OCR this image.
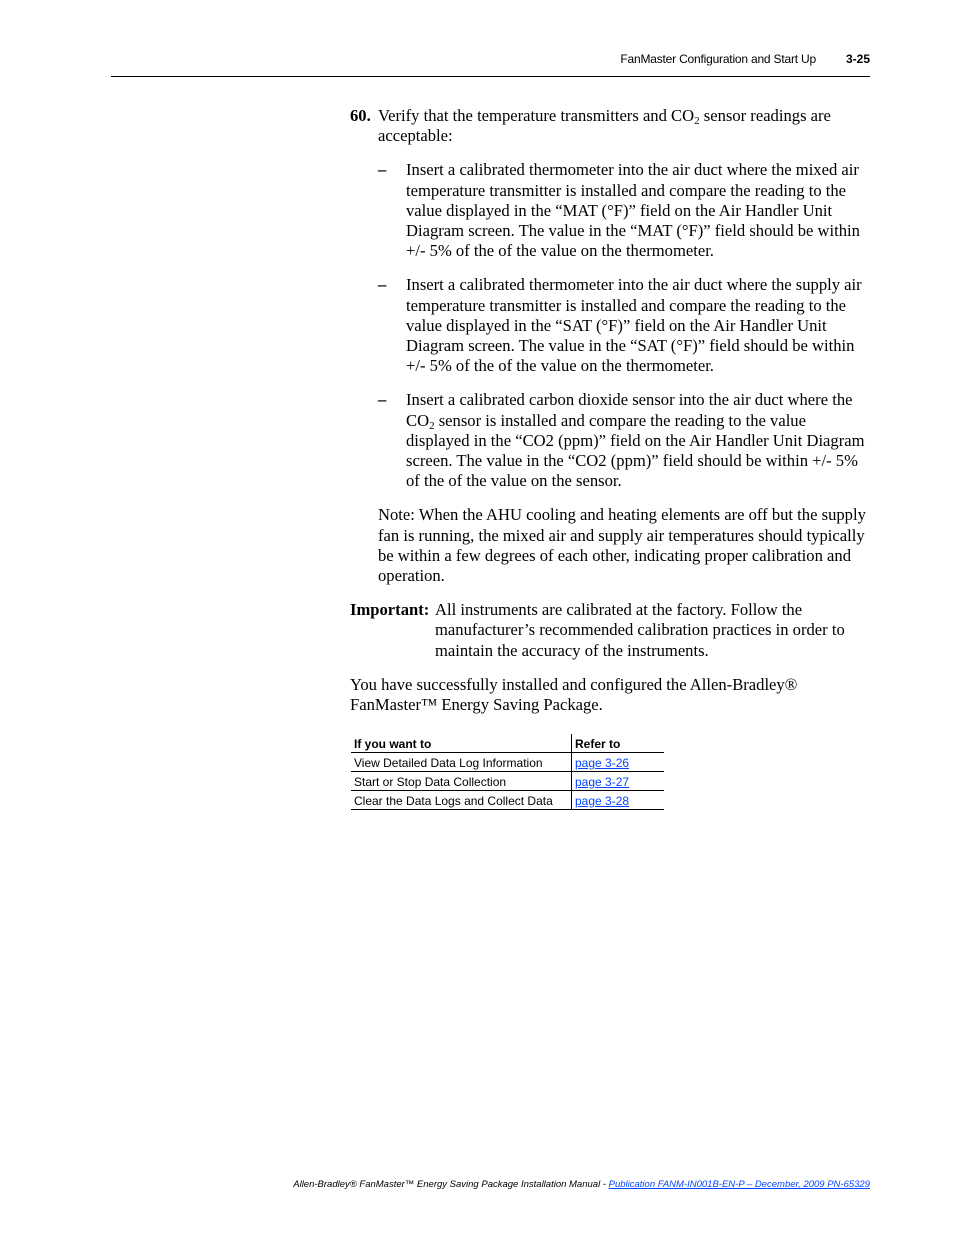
FanMaster Configuration and Start Up	3-25
60. Verify that the temperature transmitters and $CO_2$ sensor readings are acceptable:
– Insert a calibrated thermometer into the air duct where the mixed air temperature transmitter is installed and compare the reading to the value displayed in the “MAT (°F)” field on the Air Handler Unit Diagram screen. The value in the “MAT (°F)” field should be within +/- 5% of the of the value on the thermometer.
– Insert a calibrated thermometer into the air duct where the supply air temperature transmitter is installed and compare the reading to the value displayed in the “SAT (°F)” field on the Air Handler Unit Diagram screen. The value in the “SAT (°F)” field should be within +/- 5% of the of the value on the thermometer.
– Insert a calibrated carbon dioxide sensor into the air duct where the $CO_2$ sensor is installed and compare the reading to the value displayed in the “CO2 (ppm)” field on the Air Handler Unit Diagram screen. The value in the “CO2 (ppm)” field should be within +/- 5% of the of the value on the sensor.
Note: When the AHU cooling and heating elements are off but the supply fan is running, the mixed air and supply air temperatures should typically be within a few degrees of each other, indicating proper calibration and operation.
Important: All instruments are calibrated at the factory. Follow the manufacturer’s recommended calibration practices in order to maintain the accuracy of the instruments.
You have successfully installed and configured the Allen-Bradley® FanMaster™ Energy Saving Package.
If you want to	Refer to
View Detailed Data Log Information	page 3-26
Start or Stop Data Collection	page 3-27
Clear the Data Logs and Collect Data	page 3-28
Allen-Bradley® FanMaster™ Energy Saving Package Installation Manual - Publication FANM-IN001B-EN-P – December, 2009 PN-65329
